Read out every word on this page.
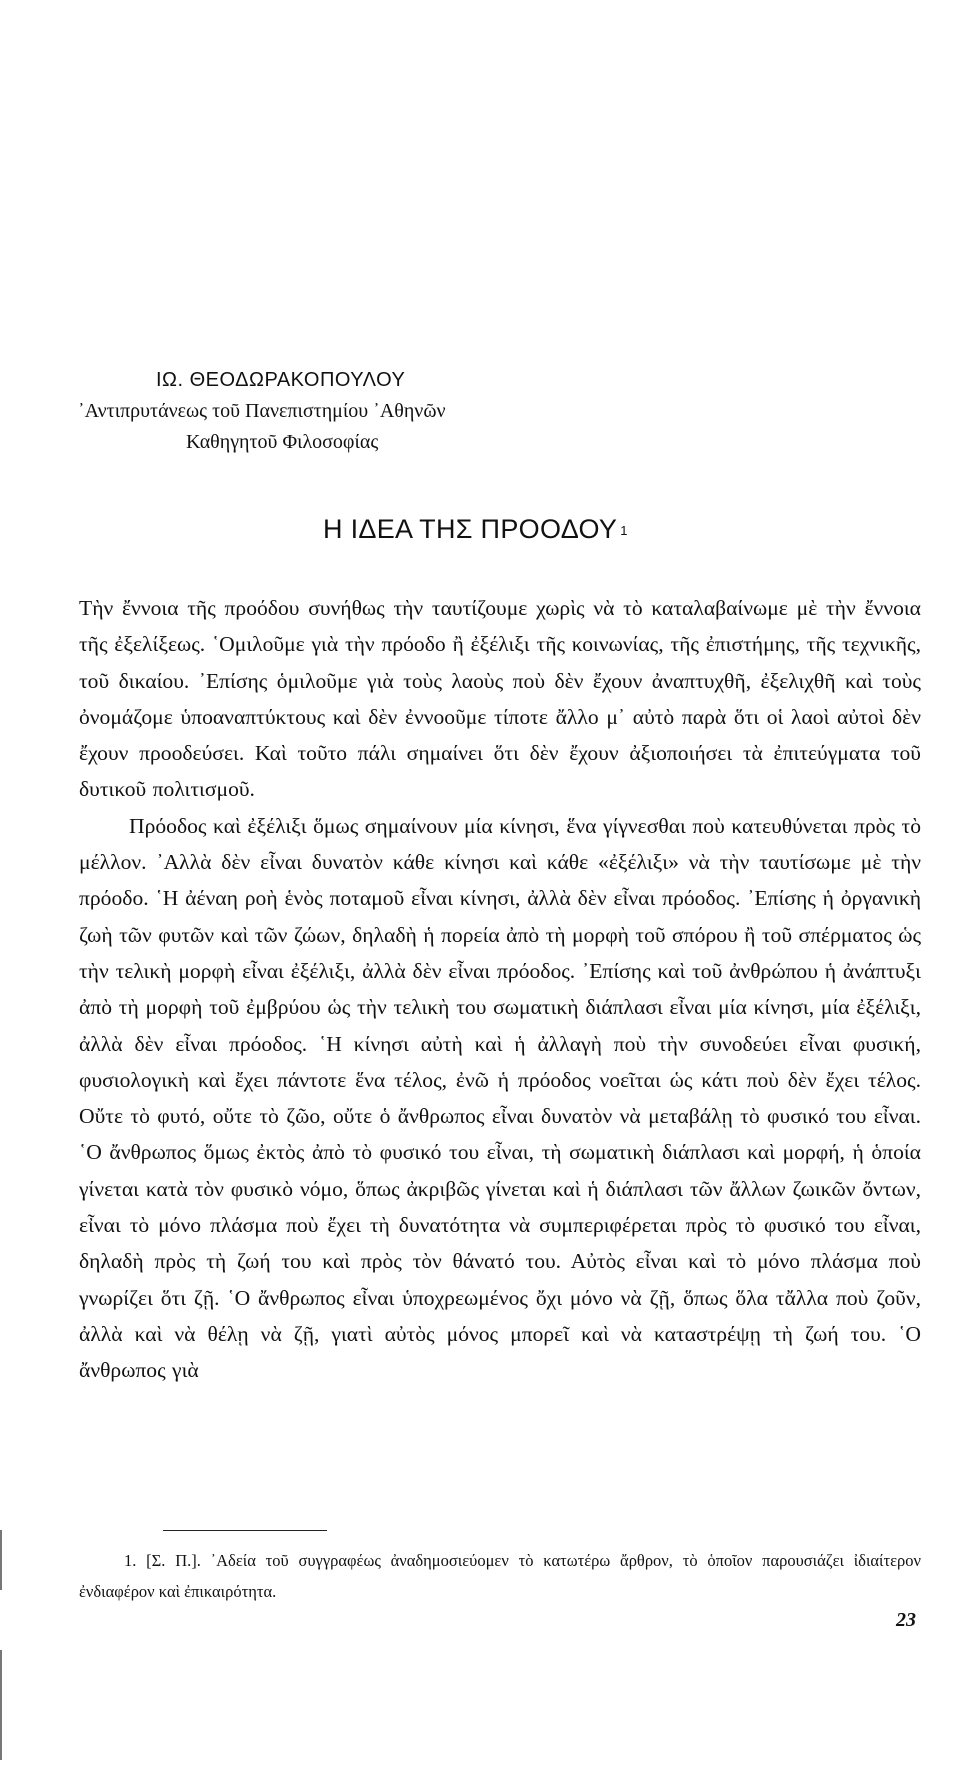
ΙΩ. ΘΕΟΔΩΡΑΚΟΠΟΥΛΟΥ
᾿Αντιπρυτάνεως τοῦ Πανεπιστημίου ᾿Αθηνῶν
Καθηγητοῦ Φιλοσοφίας
Η ΙΔΕΑ ΤΗΣ ΠΡΟΟΔΟΥ $^1$

Τὴν ἔννοια τῆς προόδου συνήθως τὴν ταυτίζουμε χωρὶς νὰ τὸ καταλαβαίνωμε μὲ τὴν ἔννοια τῆς ἐξελίξεως. ῾Ομιλοῦμε γιὰ τὴν πρόοδο ἢ ἐξέλιξι τῆς κοινωνίας, τῆς ἐπιστήμης, τῆς τεχνικῆς, τοῦ δικαίου. ᾿Επίσης ὁμιλοῦμε γιὰ τοὺς λαοὺς ποὺ δὲν ἔχουν ἀναπτυχθῆ, ἐξελιχθῆ καὶ τοὺς ὀνομάζομε ὑποαναπτύκτους καὶ δὲν ἐννοοῦμε τίποτε ἄλλο μ᾿ αὐτὸ παρὰ ὅτι οἱ λαοὶ αὐτοὶ δὲν ἔχουν προοδεύσει. Καὶ τοῦτο πάλι σημαίνει ὅτι δὲν ἔχουν ἀξιοποιήσει τὰ ἐπιτεύγματα τοῦ δυτικοῦ πολιτισμοῦ.

Πρόοδος καὶ ἐξέλιξι ὅμως σημαίνουν μία κίνησι, ἕνα γίγνεσθαι ποὺ κατευθύνεται πρὸς τὸ μέλλον. ᾿Αλλὰ δὲν εἶναι δυνατὸν κάθε κίνησι καὶ κάθε «ἐξέλιξι» νὰ τὴν ταυτίσωμε μὲ τὴν πρόοδο. ῾Η ἀέναη ροὴ ἑνὸς ποταμοῦ εἶναι κίνησι, ἀλλὰ δὲν εἶναι πρόοδος. ᾿Επίσης ἡ ὀργανικὴ ζωὴ τῶν φυτῶν καὶ τῶν ζώων, δηλαδὴ ἡ πορεία ἀπὸ τὴ μορφὴ τοῦ σπόρου ἢ τοῦ σπέρματος ὡς τὴν τελικὴ μορφὴ εἶναι ἐξέλιξι, ἀλλὰ δὲν εἶναι πρόοδος. ᾿Επίσης καὶ τοῦ ἀνθρώπου ἡ ἀνάπτυξι ἀπὸ τὴ μορφὴ τοῦ ἐμβρύου ὡς τὴν τελικὴ του σωματικὴ διάπλασι εἶναι μία κίνησι, μία ἐξέλιξι, ἀλλὰ δὲν εἶναι πρόοδος. ῾Η κίνησι αὐτὴ καὶ ἡ ἀλλαγὴ ποὺ τὴν συνοδεύει εἶναι φυσική, φυσιολογικὴ καὶ ἔχει πάντοτε ἕνα τέλος, ἐνῶ ἡ πρόοδος νοεῖται ὡς κάτι ποὺ δὲν ἔχει τέλος. Οὔτε τὸ φυτό, οὔτε τὸ ζῶο, οὔτε ὁ ἄνθρωπος εἶναι δυνατὸν νὰ μεταβάλῃ τὸ φυσικό του εἶναι. ῾Ο ἄνθρωπος ὅμως ἐκτὸς ἀπὸ τὸ φυσικό του εἶναι, τὴ σωματικὴ διάπλασι καὶ μορφή, ἡ ὁποία γίνεται κατὰ τὸν φυσικὸ νόμο, ὅπως ἀκριβῶς γίνεται καὶ ἡ διάπλασι τῶν ἄλλων ζωικῶν ὄντων, εἶναι τὸ μόνο πλάσμα ποὺ ἔχει τὴ δυνατότητα νὰ συμπεριφέρεται πρὸς τὸ φυσικό του εἶναι, δηλαδὴ πρὸς τὴ ζωή του καὶ πρὸς τὸν θάνατό του. Αὐτὸς εἶναι καὶ τὸ μόνο πλάσμα ποὺ γνωρίζει ὅτι ζῇ. ῾Ο ἄνθρωπος εἶναι ὑποχρεωμένος ὄχι μόνο νὰ ζῇ, ὅπως ὅλα τἄλλα ποὺ ζοῦν, ἀλλὰ καὶ νὰ θέλῃ νὰ ζῇ, γιατὶ αὐτὸς μόνος μπορεῖ καὶ νὰ καταστρέψῃ τὴ ζωή του. ῾Ο ἄνθρωπος γιὰ

1. [Σ. Π.]. ᾿Αδεία τοῦ συγγραφέως ἀναδημοσιεύομεν τὸ κατωτέρω ἄρθρον, τὸ ὁποῖον παρουσιάζει ἰδιαίτερον ἐνδιαφέρον καὶ ἐπικαιρότητα.
23
